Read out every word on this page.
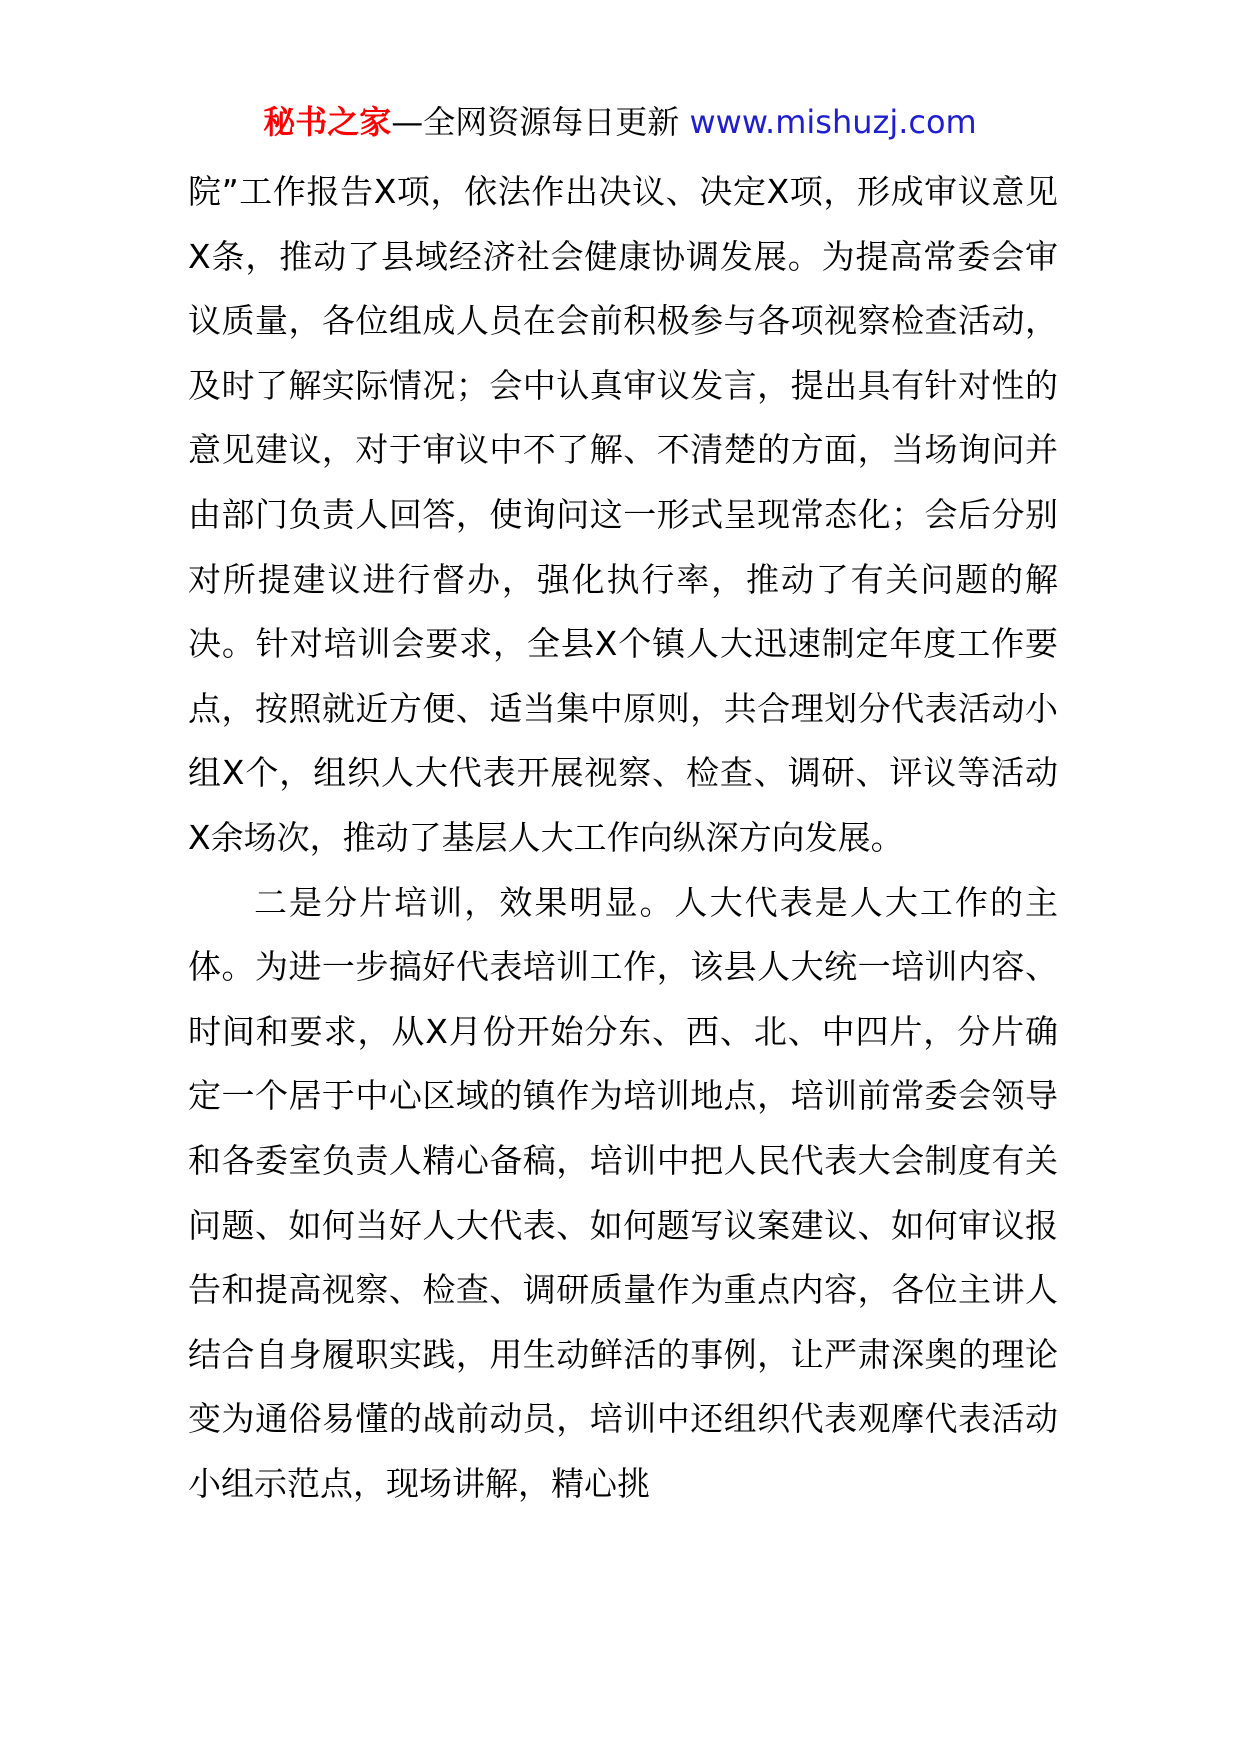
秘书之家—全网资源每日更新 www.mishuzj.com

院”工作报告X项，依法作出决议、决定X项，形成审议意见X条，推动了县域经济社会健康协调发展。为提高常委会审议质量，各位组成人员在会前积极参与各项视察检查活动，及时了解实际情况；会中认真审议发言，提出具有针对性的意见建议，对于审议中不了解、不清楚的方面，当场询问并由部门负责人回答，使询问这一形式呈现常态化；会后分别对所提建议进行督办，强化执行率，推动了有关问题的解决。针对培训会要求，全县X个镇人大迅速制定年度工作要点，按照就近方便、适当集中原则，共合理划分代表活动小组X个，组织人大代表开展视察、检查、调研、评议等活动X余场次，推动了基层人大工作向纵深方向发展。

二是分片培训，效果明显。人大代表是人大工作的主体。为进一步搞好代表培训工作，该县人大统一培训内容、时间和要求，从X月份开始分东、西、北、中四片，分片确定一个居于中心区域的镇作为培训地点，培训前常委会领导和各委室负责人精心备稿，培训中把人民代表大会制度有关问题、如何当好人大代表、如何题写议案建议、如何审议报告和提高视察、检查、调研质量作为重点内容，各位主讲人结合自身履职实践，用生动鲜活的事例，让严肃深奥的理论变为通俗易懂的战前动员，培训中还组织代表观摩代表活动小组示范点，现场讲解，精心挑
